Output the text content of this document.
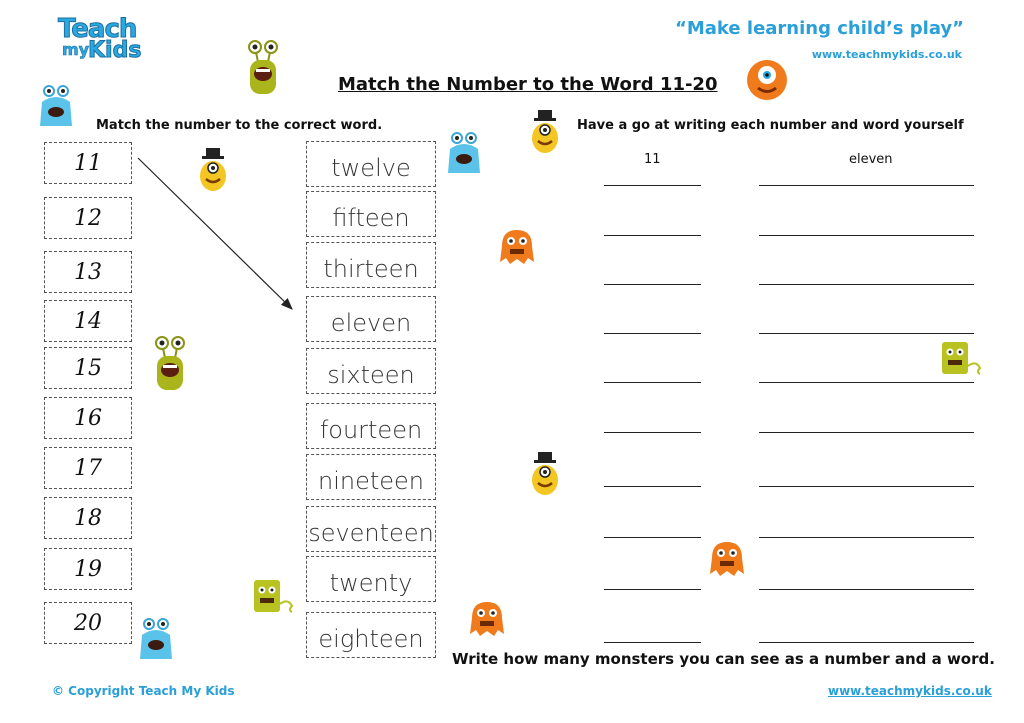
Teach
my
Kids
“Make learning child’s play”
www.teachmykids.co.uk
Match the Number to the Word 11-20
Match the number to the correct word.	Have a go at writing each number and word yourself
11
12
13
14
15
16
17
18
19
20
twelve
fifteen
thirteen
eleven
sixteen
fourteen
nineteen
seventeen
twenty
eighteen
11	eleven
Write how many monsters you can see as a number and a word.
© Copyright Teach My Kids	www.teachmykids.co.uk
